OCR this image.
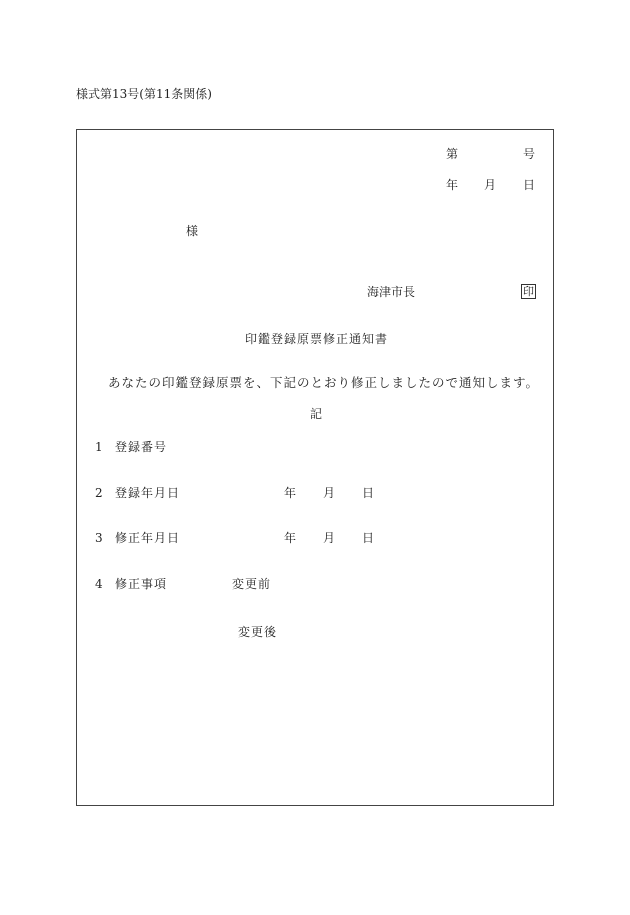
様式第13号(第11条関係)
第	号
年 月 日
様
海津市長	印
印鑑登録原票修正通知書
あなたの印鑑登録原票を、下記のとおり修正しましたので通知します。
記
1 登録番号
2 登録年月日	年 月 日
3 修正年月日	年 月 日
4 修正事項	変更前
変更後
